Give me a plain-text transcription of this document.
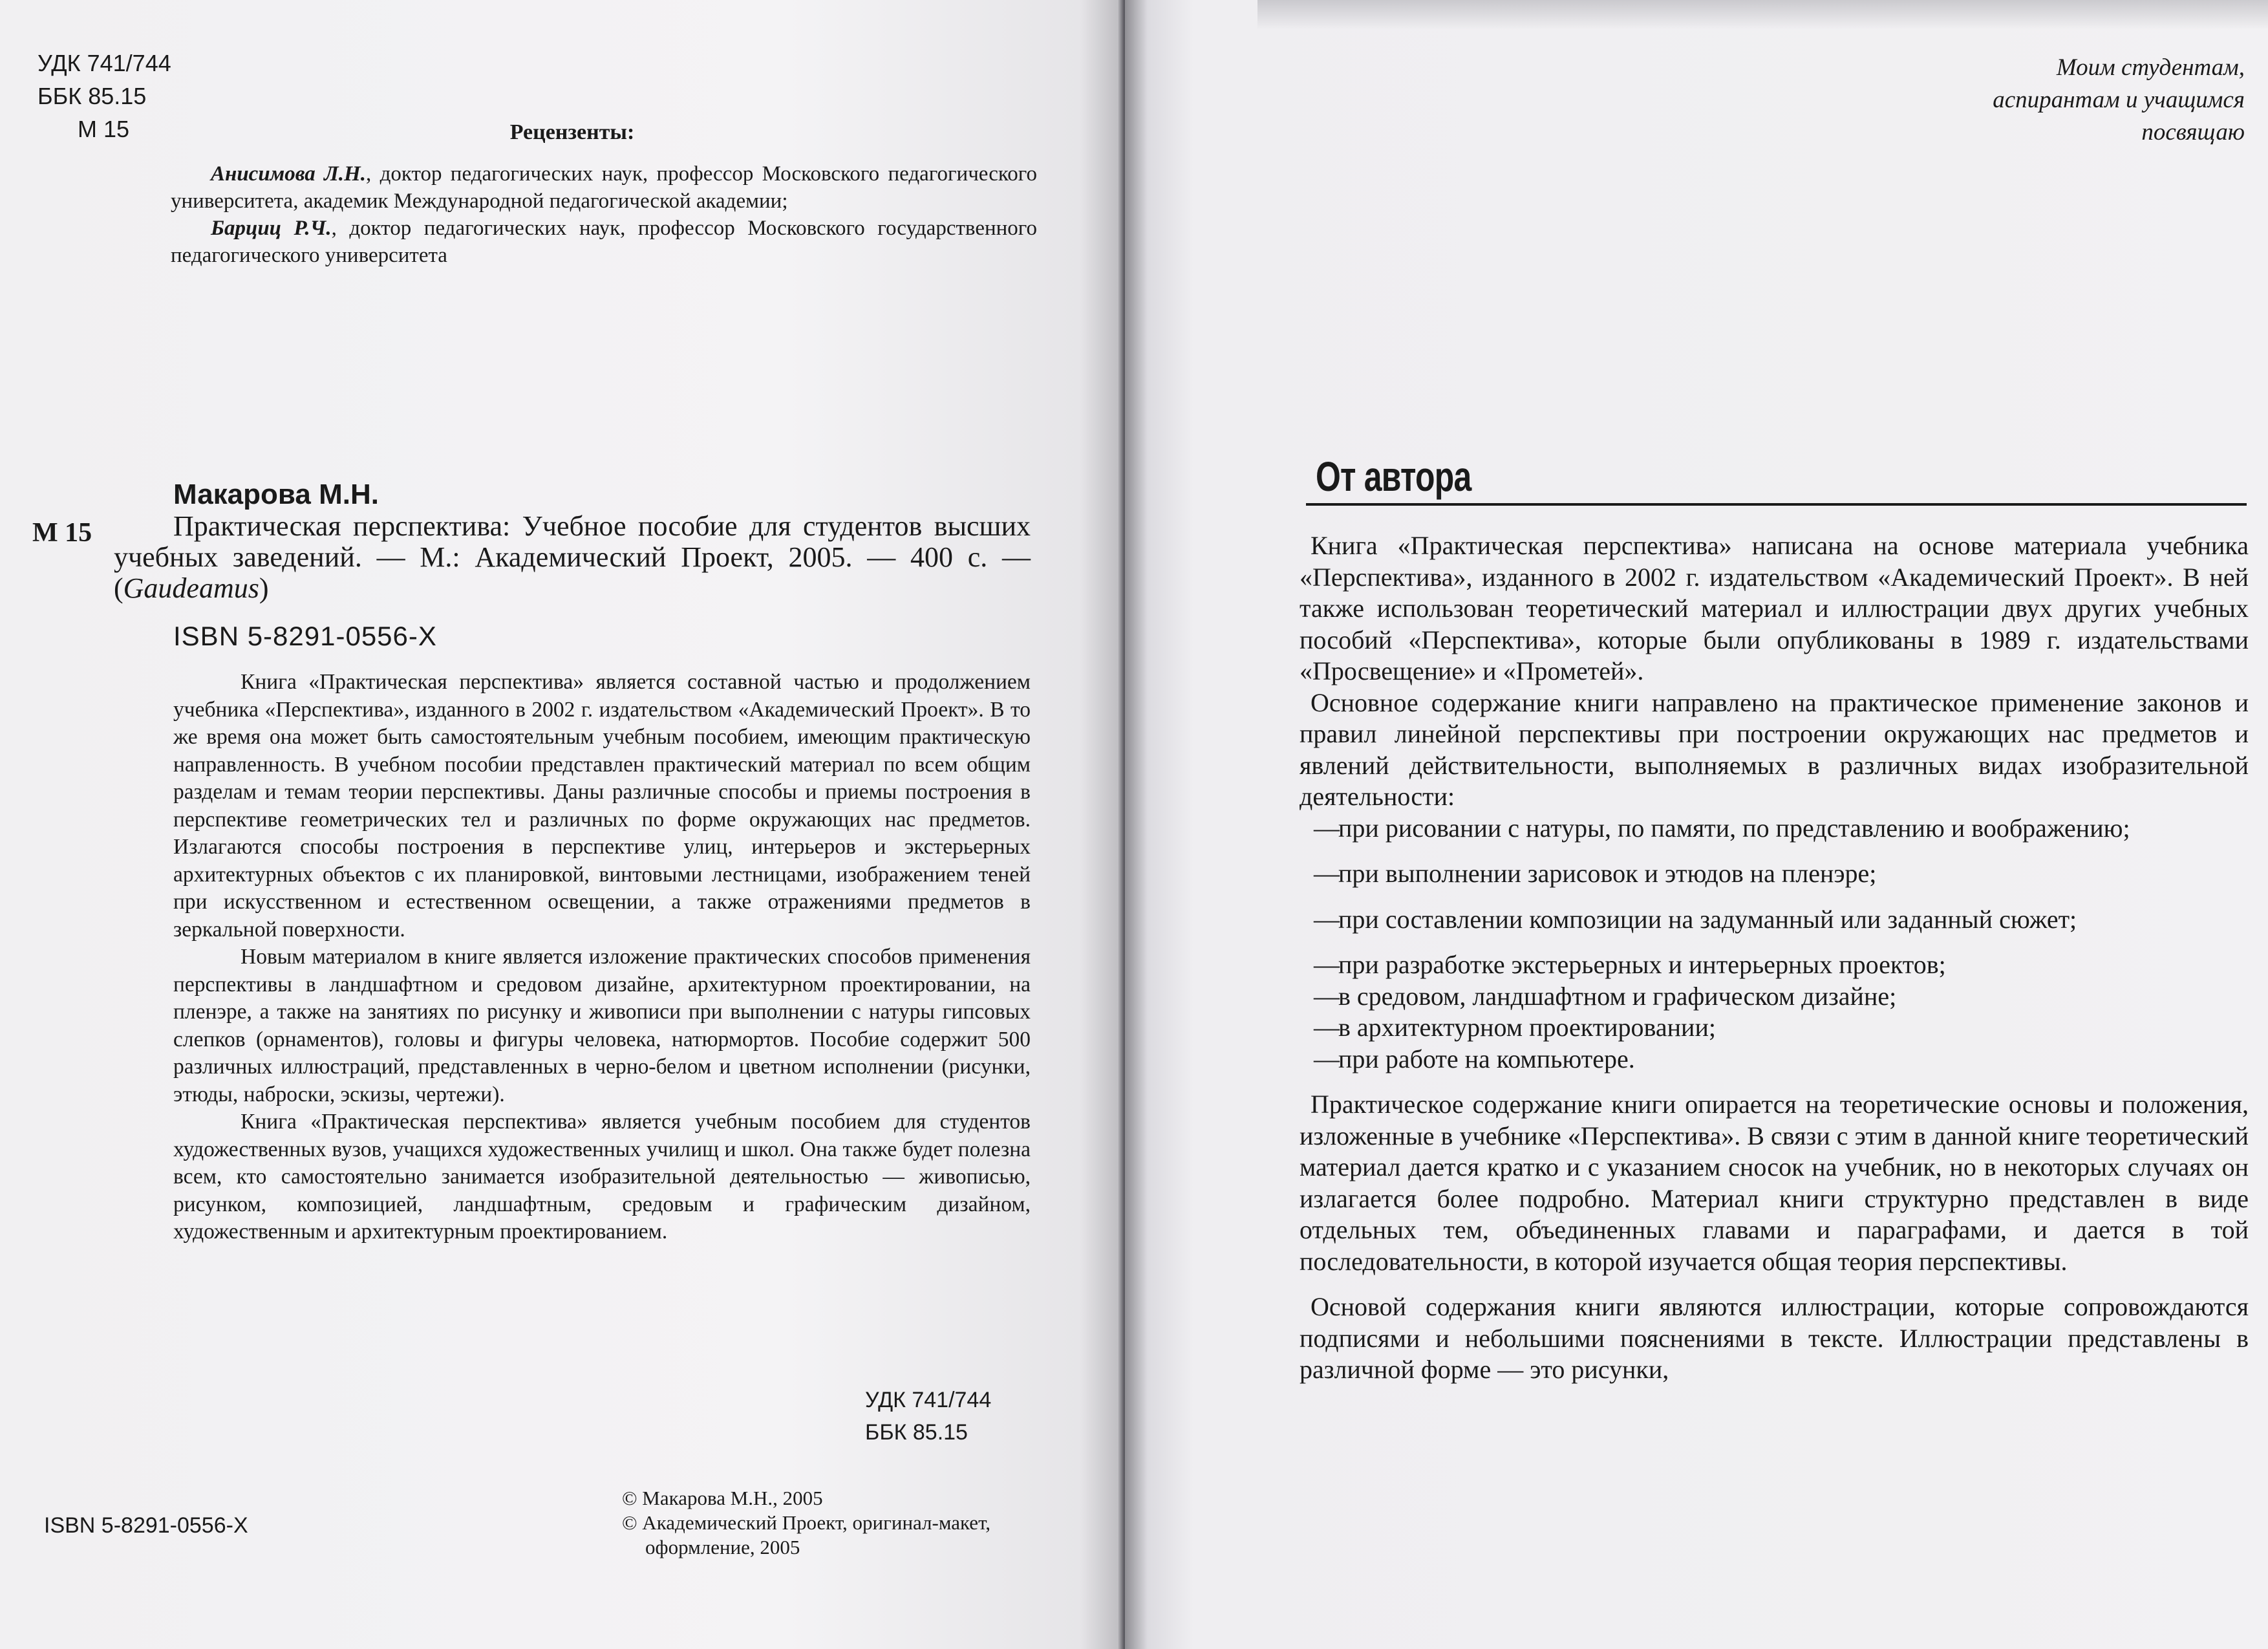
УДК 741/744
ББК 85.15
М 15	Рецензенты:

Анисимова Л.Н., доктор педагогических наук, профессор Московского педагогического университета, академик Международной педагогической академии;

Барциц Р.Ч., доктор педагогических наук, профессор Московского государственного педагогического университета

Макарова М.Н.
М 15	Практическая перспектива: Учебное пособие для студентов высших учебных заведений. — М.: Академический Проект, 2005. — 400 с. — (Gaudeamus)

ISBN 5-8291-0556-X

Книга «Практическая перспектива» является составной частью и продолжением учебника «Перспектива», изданного в 2002 г. издательством «Академический Проект». В то же время она может быть самостоятельным учебным пособием, имеющим практическую направленность. В учебном пособии представлен практический материал по всем общим разделам и темам теории перспективы. Даны различные способы и приемы построения в перспективе геометрических тел и различных по форме окружающих нас предметов. Излагаются способы построения в перспективе улиц, интерьеров и экстерьерных архитектурных объектов с их планировкой, винтовыми лестницами, изображением теней при искусственном и естественном освещении, а также отражениями предметов в зеркальной поверхности.

Новым материалом в книге является изложение практических способов применения перспективы в ландшафтном и средовом дизайне, архитектурном проектировании, на пленэре, а также на занятиях по рисунку и живописи при выполнении с натуры гипсовых слепков (орнаментов), головы и фигуры человека, натюрмортов. Пособие содержит 500 различных иллюстраций, представленных в черно-белом и цветном исполнении (рисунки, этюды, наброски, эскизы, чертежи).

Книга «Практическая перспектива» является учебным пособием для студентов художественных вузов, учащихся художественных училищ и школ. Она также будет полезна всем, кто самостоятельно занимается изобразительной деятельностью — живописью, рисунком, композицией, ландшафтным, средовым и графическим дизайном, художественным и архитектурным проектированием.

УДК 741/744
ББК 85.15
ISBN 5-8291-0556-X
© Макарова М.Н., 2005
© Академический Проект, оригинал-макет, оформление, 2005
Моим студентам,
аспирантам и учащимся
посвящаю
От автора

Книга «Практическая перспектива» написана на основе материала учебника «Перспектива», изданного в 2002 г. издательством «Академический Проект». В ней также использован теоретический материал и иллюстрации двух других учебных пособий «Перспектива», которые были опубликованы в 1989 г. издательствами «Просвещение» и «Прометей».

Основное содержание книги направлено на практическое применение законов и правил линейной перспективы при построении окружающих нас предметов и явлений действительности, выполняемых в различных видах изобразительной деятельности:

—
при рисовании с натуры, по памяти, по представлению и воображению;

—
при выполнении зарисовок и этюдов на пленэре;

—
при составлении композиции на задуманный или заданный сюжет;

—
при разработке экстерьерных и интерьерных проектов;

—
в средовом, ландшафтном и графическом дизайне;

—
в архитектурном проектировании;

—
при работе на компьютере.

Практическое содержание книги опирается на теоретические основы и положения, изложенные в учебнике «Перспектива». В связи с этим в данной книге теоретический материал дается кратко и с указанием сносок на учебник, но в некоторых случаях он излагается более подробно. Материал книги структурно представлен в виде отдельных тем, объединенных главами и параграфами, и дается в той последовательности, в которой изучается общая теория перспективы.

Основой содержания книги являются иллюстрации, которые сопровождаются подписями и небольшими пояснениями в тексте. Иллюстрации представлены в различной форме — это рисунки,
